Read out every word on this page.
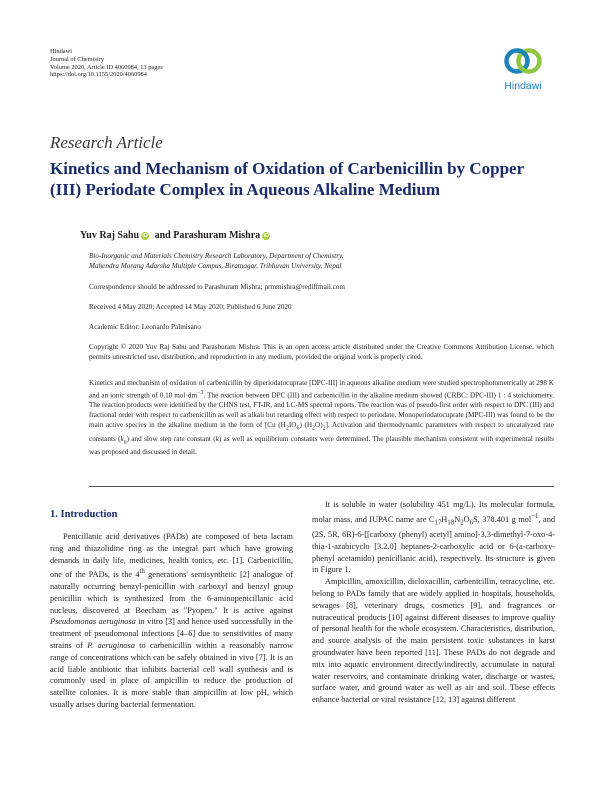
Hindawi
Journal of Chemistry
Volume 2020, Article ID 4060984, 13 pages
https://doi.org/10.1155/2020/4060984
Hindawi
Research Article
Kinetics and Mechanism of Oxidation of Carbenicillin by Copper (III) Periodate Complex in Aqueous Alkaline Medium
Yuv Raj Sahu iD and Parashuram Mishra iD
Bio-Inorganic and Materials Chemistry Research Laboratory, Department of Chemistry,
Mahendra Morang Adarsha Multiple Campus, Biratnagar, Tribhuvan University, Nepal
Correspondence should be addressed to Parashuram Mishra; prmmishra@rediffmail.com
Received 4 May 2020; Accepted 14 May 2020; Published 6 June 2020
Academic Editor: Leonardo Palmisano
Copyright © 2020 Yuv Raj Sahu and Parashuram Mishra. This is an open access article distributed under the Creative Commons Attribution License, which permits unrestricted use, distribution, and reproduction in any medium, provided the original work is properly cited.
Kinetics and mechanism of oxidation of carbenicillin by diperiodatocuprate [DPC-III] in aqueous alkaline medium were studied spectrophotometrically at 298 K and an ionic strength of 0.10 $mol\cdot dm^{-3}$. The reaction between DPC (III) and carbenicillin in the alkaline medium showed (CRBC: DPC-III) 1 : 4 stoichiometry. The reaction products were identified by the CHNS test, FT-IR, and LC-MS spectral reports. The reaction was of pseudo-first order with respect to DPC (III) and fractional order with respect to carbenicillin as well as alkali but retarding effect with respect to periodate. Monoperiodatocuprate (MPC-III) was found to be the main active species in the alkaline medium in the form of [Cu $(H_2IO_6)$ $(H_2O)_2$]. Activation and thermodynamic parameters with respect to uncatalyzed rate constants $(k_u)$ and slow step rate constant (k) as well as equilibrium constants were determined. The plausible mechanism consistent with experimental results was proposed and discussed in detail.
1. Introduction

Penicillanic acid derivatives (PADs) are composed of beta lactam ring and thiazolidine ring as the integral part which have growing demands in daily life, medicines, health tonics, etc. [1]. Carbenicillin, one of the PADs, is the 4th generations' semisynthetic [2] analogue of naturally occurring benzyl-penicillin with carboxyl and benzyl group penicillin which is synthesized from the 6-aminopenicillanic acid nucleus, discovered at Beecham as "Pyopen." It is active against Pseudomonas aeruginosa in vitro [3] and hence used successfully in the treatment of pseudomonal infections [4–6] due to sensitivities of many strains of P. aeruginosa to carbenicillin within a reasonably narrow range of concentrations which can be safely obtained in vivo [7]. It is an acid liable antibiotic that inhibits bacterial cell wall synthesis and is commonly used in place of ampicillin to reduce the production of satellite colonies. It is more stable than ampicillin at low pH, which usually arises during bacterial fermentation.

It is soluble in water (solubility 451 mg/L). Its molecular formula, molar mass, and IUPAC name are $C_{17}H_{18}N_2O_6S$, 378.401 g mol$^{-1}$, and (2S, 5R, 6R)-6-[[carboxy (phenyl) acetyl] amino]-3,3-dimethyl-7-oxo-4-thia-1-azabicyclo [3.2.0] heptanes-2-carboxylic acid or 6-(a-carboxy-phenyl acetamido) penicillanic acid), respectively. Its structure is given in Figure 1.

Ampicillin, amoxicillin, dicloxacillin, carbenicillin, tetracycline, etc. belong to PADs family that are widely applied in hospitals, households, sewages [8], veterinary drugs, cosmetics [9], and fragrances or nutraceutical products [10] against different diseases to improve quality of personal health for the whole ecosystem. Characteristics, distribution, and source analysis of the main persistent toxic substances in karst groundwater have been reported [11]. These PADs do not degrade and mix into aquatic environment directly/indirectly, accumulate in natural water reservoirs, and contaminate drinking water, discharge or wastes, surface water, and ground water as well as air and soil. These effects enhance bacterial or viral resistance [12, 13] against different
